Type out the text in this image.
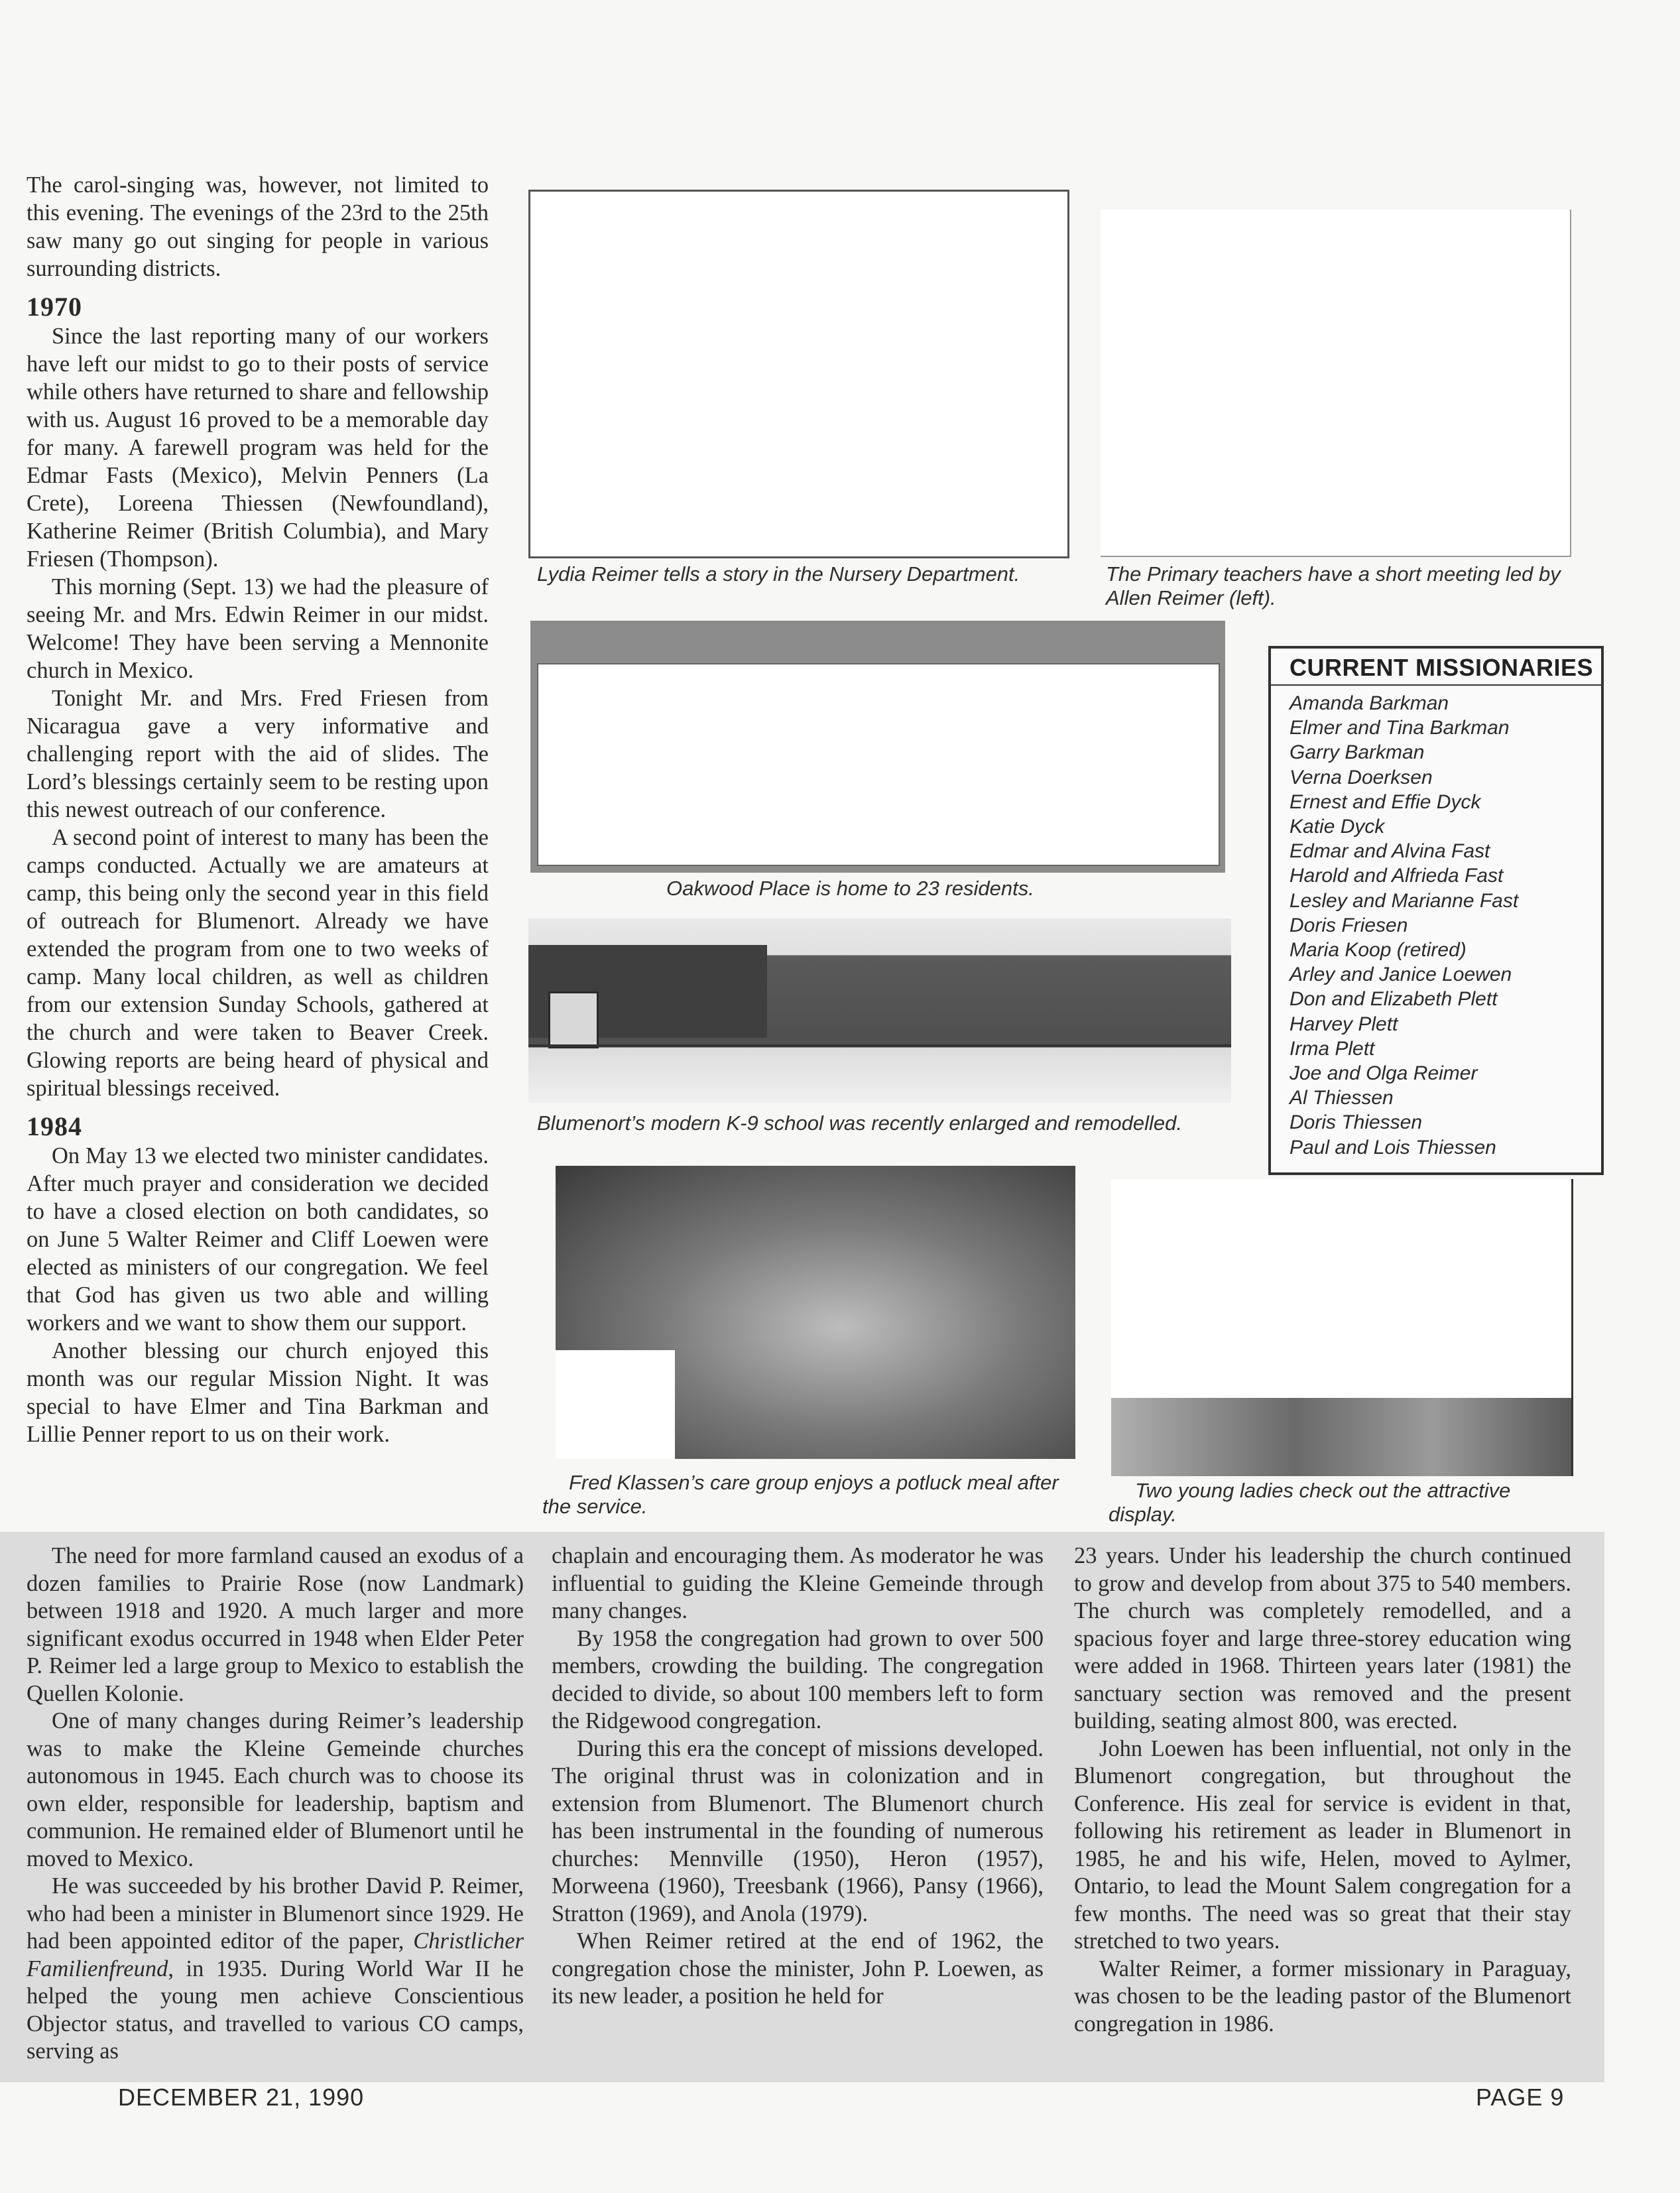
The carol-singing was, however, not limited to this evening. The evenings of the 23rd to the 25th saw many go out singing for people in various surrounding districts.

1970

Since the last reporting many of our workers have left our midst to go to their posts of service while others have returned to share and fellowship with us. August 16 proved to be a memorable day for many. A farewell program was held for the Edmar Fasts (Mexico), Melvin Penners (La Crete), Loreena Thiessen (Newfoundland), Katherine Reimer (British Columbia), and Mary Friesen (Thompson).

This morning (Sept. 13) we had the pleasure of seeing Mr. and Mrs. Edwin Reimer in our midst. Welcome! They have been serving a Mennonite church in Mexico.

Tonight Mr. and Mrs. Fred Friesen from Nicaragua gave a very informative and challenging report with the aid of slides. The Lord’s blessings certainly seem to be resting upon this newest outreach of our conference.

A second point of interest to many has been the camps conducted. Actually we are amateurs at camp, this being only the second year in this field of outreach for Blumenort. Already we have extended the program from one to two weeks of camp. Many local children, as well as children from our extension Sunday Schools, gathered at the church and were taken to Beaver Creek. Glowing reports are being heard of physical and spiritual blessings received.

1984

On May 13 we elected two minister candidates. After much prayer and consideration we decided to have a closed election on both candidates, so on June 5 Walter Reimer and Cliff Loewen were elected as ministers of our congregation. We feel that God has given us two able and willing workers and we want to show them our support.

Another blessing our church enjoyed this month was our regular Mission Night. It was special to have Elmer and Tina Barkman and Lillie Penner report to us on their work.

Lydia Reimer tells a story in the Nursery Department.	The Primary teachers have a short meeting led by Allen Reimer (left).
Oakwood Place is home to 23 residents.
Blumenort’s modern K-9 school was recently enlarged and remodelled.
CURRENT MISSIONARIES
Amanda Barkman
Elmer and Tina Barkman
Garry Barkman
Verna Doerksen
Ernest and Effie Dyck
Katie Dyck
Edmar and Alvina Fast
Harold and Alfrieda Fast
Lesley and Marianne Fast
Doris Friesen
Maria Koop (retired)
Arley and Janice Loewen
Don and Elizabeth Plett
Harvey Plett
Irma Plett
Joe and Olga Reimer
Al Thiessen
Doris Thiessen
Paul and Lois Thiessen
Fred Klassen’s care group enjoys a potluck meal after the service.
Two young ladies check out the attractive display.

The need for more farmland caused an exodus of a dozen families to Prairie Rose (now Landmark) between 1918 and 1920. A much larger and more significant exodus occurred in 1948 when Elder Peter P. Reimer led a large group to Mexico to establish the Quellen Kolonie.

One of many changes during Reimer’s leadership was to make the Kleine Gemeinde churches autonomous in 1945. Each church was to choose its own elder, responsible for leadership, baptism and communion. He remained elder of Blumenort until he moved to Mexico.

He was succeeded by his brother David P. Reimer, who had been a minister in Blumenort since 1929. He had been appointed editor of the paper, Christlicher Familienfreund, in 1935. During World War II he helped the young men achieve Conscientious Objector status, and travelled to various CO camps, serving as

chaplain and encouraging them. As moderator he was influential to guiding the Kleine Gemeinde through many changes.

By 1958 the congregation had grown to over 500 members, crowding the building. The congregation decided to divide, so about 100 members left to form the Ridgewood congregation.

During this era the concept of missions developed. The original thrust was in colonization and in extension from Blumenort. The Blumenort church has been instrumental in the founding of numerous churches: Mennville (1950), Heron (1957), Morweena (1960), Treesbank (1966), Pansy (1966), Stratton (1969), and Anola (1979).

When Reimer retired at the end of 1962, the congregation chose the minister, John P. Loewen, as its new leader, a position he held for

23 years. Under his leadership the church continued to grow and develop from about 375 to 540 members. The church was completely remodelled, and a spacious foyer and large three-storey education wing were added in 1968. Thirteen years later (1981) the sanctuary section was removed and the present building, seating almost 800, was erected.

John Loewen has been influential, not only in the Blumenort congregation, but throughout the Conference. His zeal for service is evident in that, following his retirement as leader in Blumenort in 1985, he and his wife, Helen, moved to Aylmer, Ontario, to lead the Mount Salem congregation for a few months. The need was so great that their stay stretched to two years.

Walter Reimer, a former missionary in Paraguay, was chosen to be the leading pastor of the Blumenort congregation in 1986.

DECEMBER 21, 1990	PAGE 9
